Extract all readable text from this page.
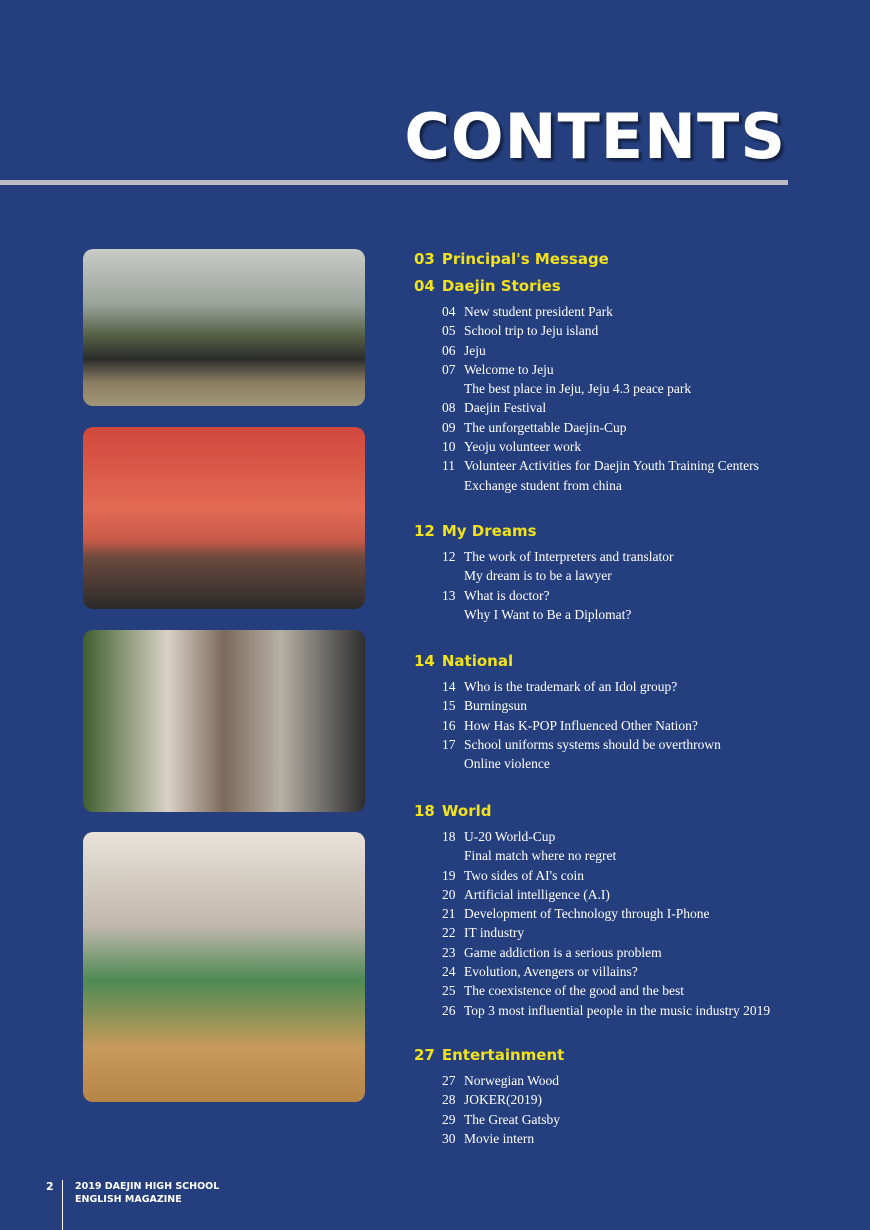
CONTENTS
03 Principal's Message
04 Daejin Stories
04 New student president Park
05 School trip to Jeju island
06 Jeju
07 Welcome to Jeju
The best place in Jeju, Jeju 4.3 peace park
08 Daejin Festival
09 The unforgettable Daejin-Cup
10 Yeoju volunteer work
11 Volunteer Activities for Daejin Youth Training Centers
Exchange student from china
12 My Dreams
12 The work of Interpreters and translator
My dream is to be a lawyer
13 What is doctor?
Why I Want to Be a Diplomat?
14 National
14 Who is the trademark of an Idol group?
15 Burningsun
16 How Has K-POP Influenced Other Nation?
17 School uniforms systems should be overthrown
Online violence
18 World
18 U-20 World-Cup
Final match where no regret
19 Two sides of AI's coin
20 Artificial intelligence (A.I)
21 Development of Technology through I-Phone
22 IT industry
23 Game addiction is a serious problem
24 Evolution, Avengers or villains?
25 The coexistence of the good and the best
26 Top 3 most influential people in the music industry 2019
27 Entertainment
27 Norwegian Wood
28 JOKER(2019)
29 The Great Gatsby
30 Movie intern
2 2019 DAEJIN HIGH SCHOOL
ENGLISH MAGAZINE
